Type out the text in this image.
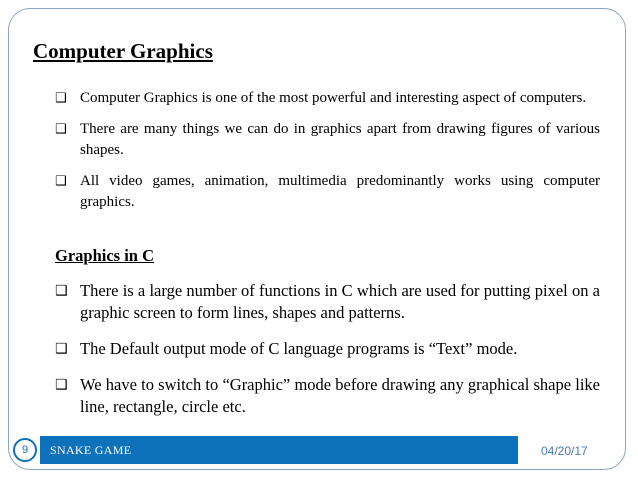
Computer Graphics
❑ Computer Graphics is one of the most powerful and interesting aspect of computers.
❑ There are many things we can do in graphics apart from drawing figures of various shapes.
❑ All video games, animation, multimedia predominantly works using computer graphics.
Graphics in C
❑ There is a large number of functions in C which are used for putting pixel on a graphic screen to form lines, shapes and patterns.
❑ The Default output mode of C language programs is “Text” mode.
❑ We have to switch to “Graphic” mode before drawing any graphical shape like line, rectangle, circle etc.
SNAKE GAME
9	04/20/17
